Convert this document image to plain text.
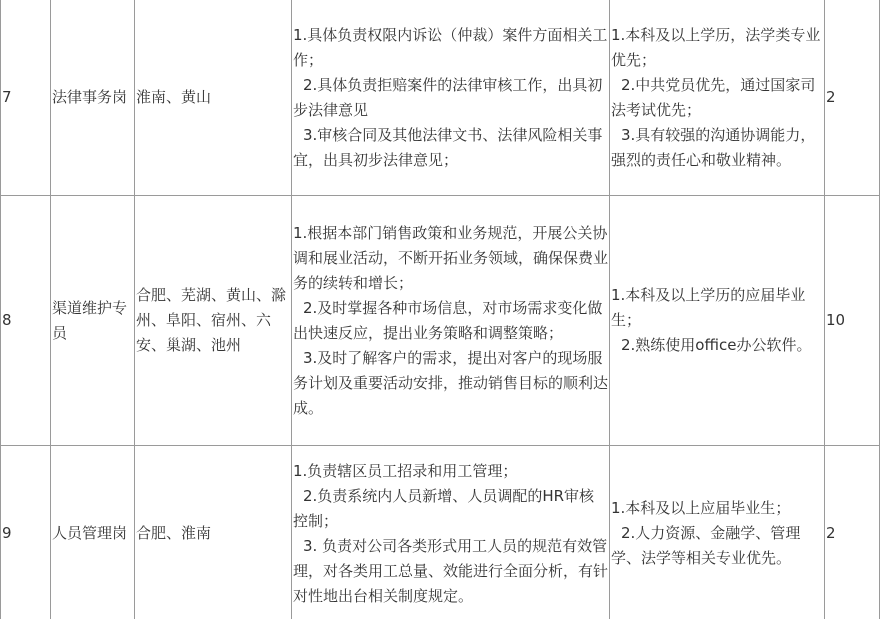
7	法律事务岗	淮南、黄山	1.具体负责权限内诉讼（仲裁）案件方面相关工作；
2.具体负责拒赔案件的法律审核工作，出具初步法律意见
3.审核合同及其他法律文书、法律风险相关事宜，出具初步法律意见；	1.本科及以上学历，法学类专业优先；
2.中共党员优先，通过国家司法考试优先；
3.具有较强的沟通协调能力，强烈的责任心和敬业精神。	2
8	渠道维护专员	合肥、芜湖、黄山、滁州、阜阳、宿州、六安、巢湖、池州	1.根据本部门销售政策和业务规范，开展公关协调和展业活动，不断开拓业务领域，确保保费业务的续转和增长；
2.及时掌握各种市场信息，对市场需求变化做出快速反应，提出业务策略和调整策略；
3.及时了解客户的需求，提出对客户的现场服务计划及重要活动安排，推动销售目标的顺利达成。	1.本科及以上学历的应届毕业生；
2.熟练使用office办公软件。	10
9	人员管理岗	合肥、淮南	1.负责辖区员工招录和用工管理；
2.负责系统内人员新增、人员调配的HR审核控制；
3. 负责对公司各类形式用工人员的规范有效管理，对各类用工总量、效能进行全面分析，有针对性地出台相关制度规定。	1.本科及以上应届毕业生；
2.人力资源、金融学、管理学、法学等相关专业优先。	2
